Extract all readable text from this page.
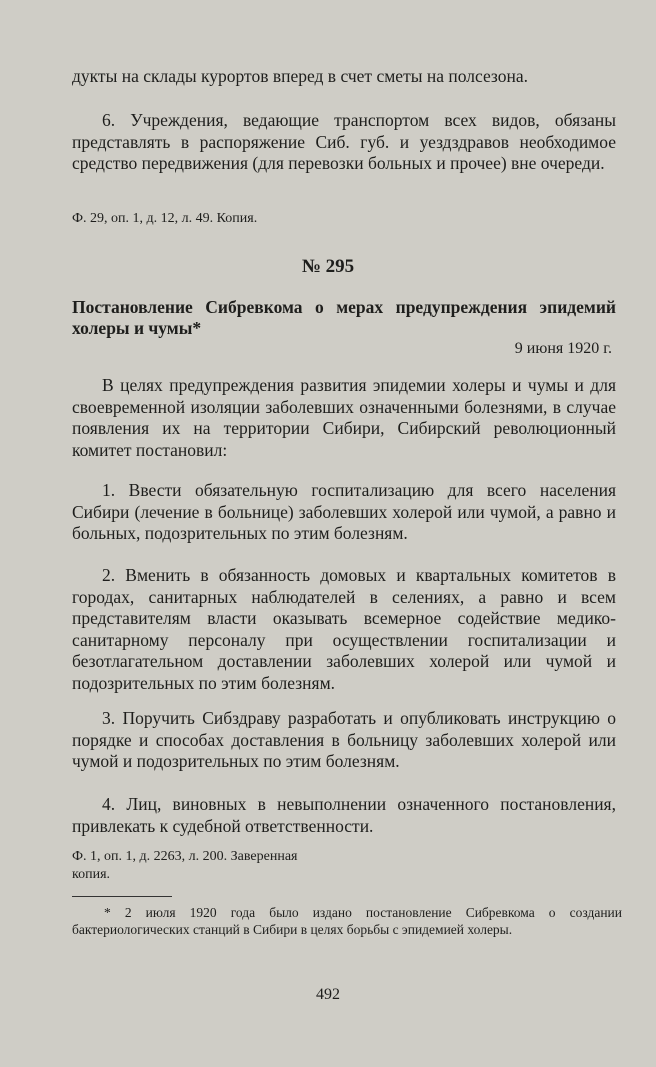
дукты на склады курортов вперед в счет сметы на полсезона.

6. Учреждения, ведающие транспортом всех видов, обязаны представлять в распоряжение Сиб. губ. и уездздравов необходимое средство передвижения (для перевозки больных и прочее) вне очереди.

Ф. 29, оп. 1, д. 12, л. 49. Копия.

№ 295

Постановление Сибревкома о мерах предупреждения эпидемий холеры и чумы*

9 июня 1920 г.

В целях предупреждения развития эпидемии холеры и чумы и для своевременной изоляции заболевших означенными болезнями, в случае появления их на территории Сибири, Сибирский революционный комитет постановил:

1. Ввести обязательную госпитализацию для всего населения Сибири (лечение в больнице) заболевших холерой или чумой, а равно и больных, подозрительных по этим болезням.

2. Вменить в обязанность домовых и квартальных комитетов в городах, санитарных наблюдателей в селениях, а равно и всем представителям власти оказывать всемерное содействие медико-санитарному персоналу при осуществлении госпитализации и безотлагательном доставлении заболевших холерой или чумой и подозрительных по этим болезням.

3. Поручить Сибздраву разработать и опубликовать инструкцию о порядке и способах доставления в больницу заболевших холерой или чумой и подозрительных по этим болезням.

4. Лиц, виновных в невыполнении означенного постановления, привлекать к судебной ответственности.

Ф. 1, оп. 1, д. 2263, л. 200. Заверенная

копия.

* 2 июля 1920 года было издано постановление Сибревкома о создании бактериологических станций в Сибири в целях борьбы с эпидемией холеры.

492
